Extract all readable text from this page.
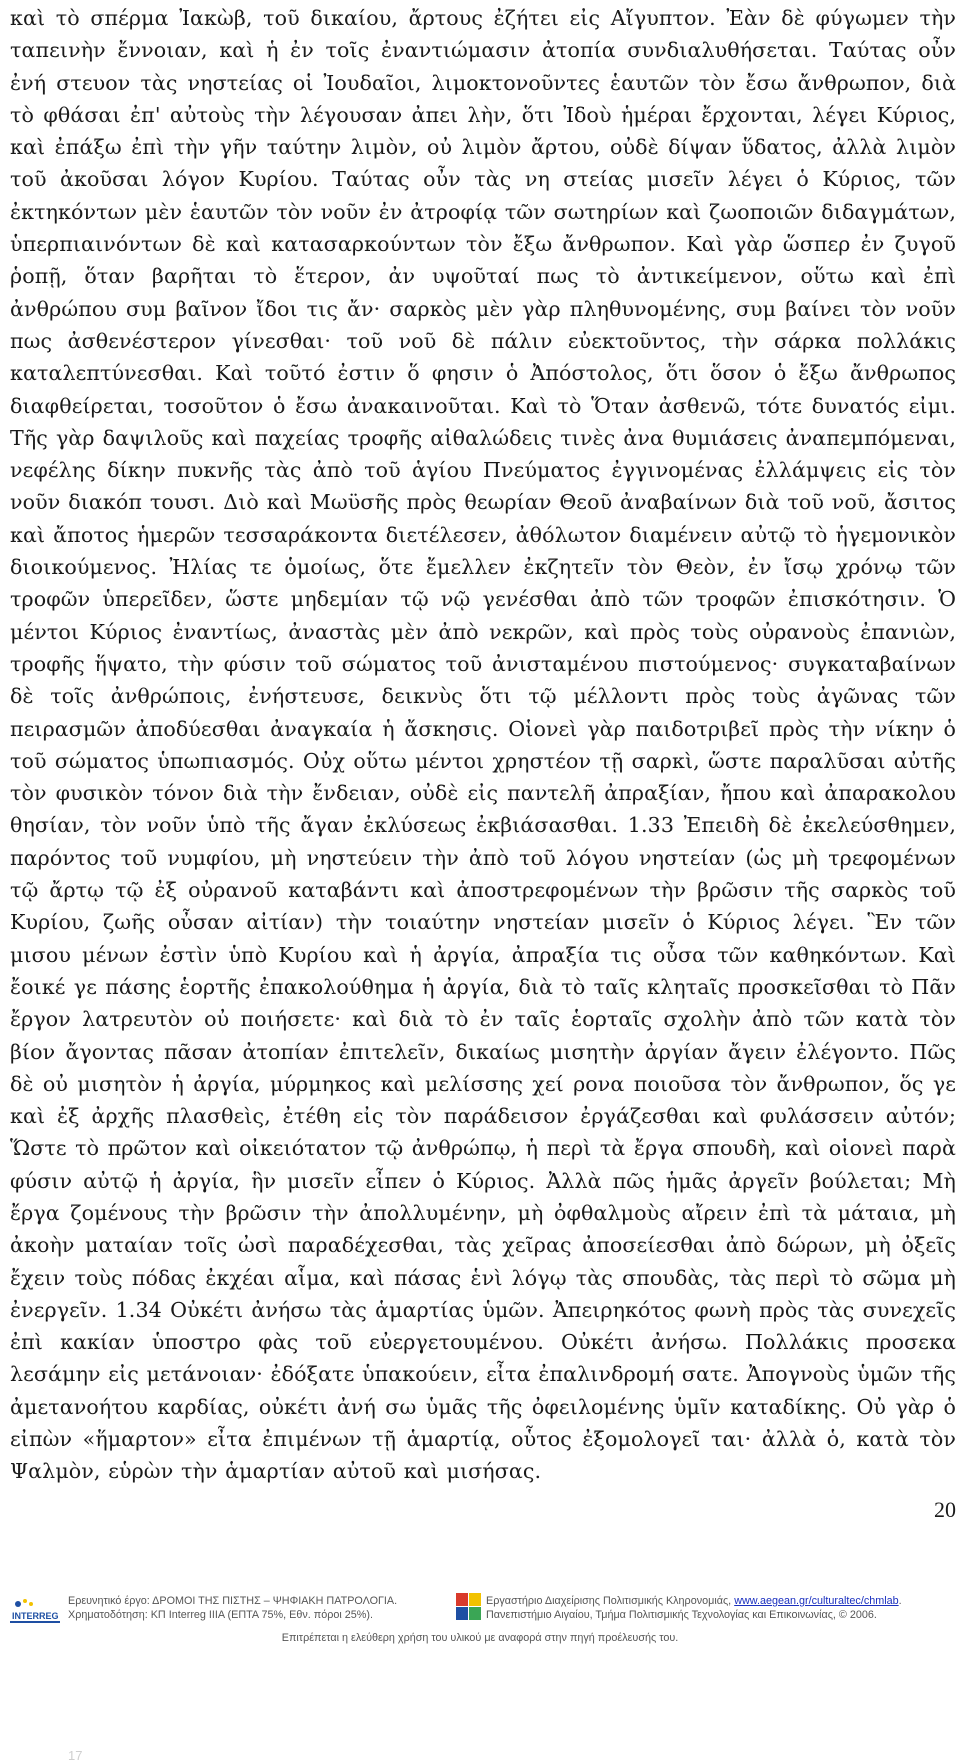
καὶ τὸ σπέρμα Ἰακὼβ, τοῦ δικαίου, ἄρτους ἐζήτει εἰς Αἴγυπτον. Ἐὰν δὲ φύγωμεν τὴν ταπεινὴν ἔννοιαν, καὶ ἡ ἐν τοῖς ἐναντιώμασιν ἀτοπία συνδιαλυθήσεται. Ταύτας οὖν ἐνή στευον τὰς νηστείας οἱ Ἰουδαῖοι, λιμοκτονοῦντες ἑαυτῶν τὸν ἔσω ἄνθρωπον, διὰ τὸ φθάσαι ἐπ' αὐτοὺς τὴν λέγουσαν ἀπει λὴν, ὅτι Ἰδοὺ ἡμέραι ἔρχονται, λέγει Κύριος, καὶ ἐπάξω ἐπὶ τὴν γῆν ταύτην λιμὸν, οὐ λιμὸν ἄρτου, οὐδὲ δίψαν ὕδατος, ἀλλὰ λιμὸν τοῦ ἀκοῦσαι λόγον Κυρίου. Ταύτας οὖν τὰς νη στείας μισεῖν λέγει ὁ Κύριος, τῶν ἐκτηκόντων μὲν ἑαυτῶν τὸν νοῦν ἐν ἀτροφίᾳ τῶν σωτηρίων καὶ ζωοποιῶν διδαγμάτων, ὑπερπιαινόντων δὲ καὶ κατασαρκούντων τὸν ἔξω ἄνθρωπον. Καὶ γὰρ ὥσπερ ἐν ζυγοῦ ῥοπῇ, ὅταν βαρῆται τὸ ἕτερον, ἀν υψοῦταί πως τὸ ἀντικείμενον, οὕτω καὶ ἐπὶ ἀνθρώπου συμ βαῖνον ἴδοι τις ἄν· σαρκὸς μὲν γὰρ πληθυνομένης, συμ βαίνει τὸν νοῦν πως ἀσθενέστερον γίνεσθαι· τοῦ νοῦ δὲ πάλιν εὐεκτοῦντος, τὴν σάρκα πολλάκις καταλεπτύνεσθαι. Καὶ τοῦτό ἐστιν ὅ φησιν ὁ Ἀπόστολος, ὅτι ὅσον ὁ ἔξω ἄνθρωπος διαφθείρεται, τοσοῦτον ὁ ἔσω ἀνακαινοῦται. Καὶ τὸ Ὅταν ἀσθενῶ, τότε δυνατός εἰμι. Τῆς γὰρ δαψιλοῦς καὶ παχείας τροφῆς αἰθαλώδεις τινὲς ἀνα θυμιάσεις ἀναπεμπόμεναι, νεφέλης δίκην πυκνῆς τὰς ἀπὸ τοῦ ἁγίου Πνεύματος ἐγγινομένας ἐλλάμψεις εἰς τὸν νοῦν διακόπ τουσι. Διὸ καὶ Μωϋσῆς πρὸς θεωρίαν Θεοῦ ἀναβαίνων διὰ τοῦ νοῦ, ἄσιτος καὶ ἄποτος ἡμερῶν τεσσαράκοντα διετέλεσεν, ἀθόλωτον διαμένειν αὐτῷ τὸ ἡγεμονικὸν διοικούμενος. Ἠλίας τε ὁμοίως, ὅτε ἔμελλεν ἐκζητεῖν τὸν Θεὸν, ἐν ἴσῳ χρόνῳ τῶν τροφῶν ὑπερεῖδεν, ὥστε μηδεμίαν τῷ νῷ γενέσθαι ἀπὸ τῶν τροφῶν ἐπισκότησιν. Ὁ μέντοι Κύριος ἐναντίως, ἀναστὰς μὲν ἀπὸ νεκρῶν, καὶ πρὸς τοὺς οὐρανοὺς ἐπανιὼν, τροφῆς ἥψατο, τὴν φύσιν τοῦ σώματος τοῦ ἀνισταμένου πιστούμενος· συγκαταβαίνων δὲ τοῖς ἀνθρώποις, ἐνήστευσε, δεικνὺς ὅτι τῷ μέλλοντι πρὸς τοὺς ἀγῶνας τῶν πειρασμῶν ἀποδύεσθαι ἀναγκαία ἡ ἄσκησις. Οἱονεὶ γὰρ παιδοτριβεῖ πρὸς τὴν νίκην ὁ τοῦ σώματος ὑπωπιασμός. Οὐχ οὕτω μέντοι χρηστέον τῇ σαρκὶ, ὥστε παραλῦσαι αὐτῆς τὸν φυσικὸν τόνον διὰ τὴν ἔνδειαν, οὐδὲ εἰς παντελῆ ἀπραξίαν, ἤπου καὶ ἀπαρακολου θησίαν, τὸν νοῦν ὑπὸ τῆς ἄγαν ἐκλύσεως ἐκβιάσασθαι. 1.33 Ἐπειδὴ δὲ ἐκελεύσθημεν, παρόντος τοῦ νυμφίου, μὴ νηστεύειν τὴν ἀπὸ τοῦ λόγου νηστείαν (ὡς μὴ τρεφομένων τῷ ἄρτῳ τῷ ἐξ οὐρανοῦ καταβάντι καὶ ἀποστρεφομένων τὴν βρῶσιν τῆς σαρκὸς τοῦ Κυρίου, ζωῆς οὖσαν αἰτίαν) τὴν τοιαύτην νηστείαν μισεῖν ὁ Κύριος λέγει. Ἓν τῶν μισου μένων ἐστὶν ὑπὸ Κυρίου καὶ ἡ ἀργία, ἀπραξία τις οὖσα τῶν καθηκόντων. Καὶ ἔοικέ γε πάσης ἑορτῆς ἐπακολούθημα ἡ ἀργία, διὰ τὸ ταῖς κλητaῖς προσκεῖσθαι τὸ Πᾶν ἔργον λατρευτὸν οὐ ποιήσετε· καὶ διὰ τὸ ἐν ταῖς ἑορταῖς σχολὴν ἀπὸ τῶν κατὰ τὸν βίον ἄγοντας πᾶσαν ἀτοπίαν ἐπιτελεῖν, δικαίως μισητὴν ἀργίαν ἄγειν ἐλέγοντο. Πῶς δὲ οὐ μισητὸν ἡ ἀργία, μύρμηκος καὶ μελίσσης χεί ρονα ποιοῦσα τὸν ἄνθρωπον, ὅς γε καὶ ἐξ ἀρχῆς πλασθεὶς, ἐτέθη εἰς τὸν παράδεισον ἐργάζεσθαι καὶ φυλάσσειν αὐτόν; Ὥστε τὸ πρῶτον καὶ οἰκειότατον τῷ ἀνθρώπῳ, ἡ περὶ τὰ ἔργα σπουδὴ, καὶ οἱονεὶ παρὰ φύσιν αὐτῷ ἡ ἀργία, ἣν μισεῖν εἶπεν ὁ Κύριος. Ἀλλὰ πῶς ἡμᾶς ἀργεῖν βούλεται; Μὴ ἔργα ζομένους τὴν βρῶσιν τὴν ἀπολλυμένην, μὴ ὀφθαλμοὺς αἴρειν ἐπὶ τὰ μάταια, μὴ ἀκοὴν ματαίαν τοῖς ὠσὶ παραδέχεσθαι, τὰς χεῖρας ἀποσείεσθαι ἀπὸ δώρων, μὴ ὀξεῖς ἔχειν τοὺς πόδας ἐκχέαι αἷμα, καὶ πάσας ἑνὶ λόγῳ τὰς σπουδὰς, τὰς περὶ τὸ σῶμα μὴ ἐνεργεῖν. 1.34 Οὐκέτι ἀνήσω τὰς ἁμαρτίας ὑμῶν. Ἀπειρηκότος φωνὴ πρὸς τὰς συνεχεῖς ἐπὶ κακίαν ὑποστρο φὰς τοῦ εὐεργετουμένου. Οὐκέτι ἀνήσω. Πολλάκις προσεκα λεσάμην εἰς μετάνοιαν· ἐδόξατε ὑπακούειν, εἶτα ἐπαλινδρομή σατε. Ἀπογνοὺς ὑμῶν τῆς ἀμετανοήτου καρδίας, οὐκέτι ἀνή σω ὑμᾶς τῆς ὀφειλομένης ὑμῖν καταδίκης. Οὐ γὰρ ὁ εἰπὼν «ἥμαρτον» εἶτα ἐπιμένων τῇ ἁμαρτίᾳ, οὗτος ἐξομολογεῖ ται· ἀλλὰ ὁ, κατὰ τὸν Ψαλμὸν, εὑρὼν τὴν ἁμαρτίαν αὐτοῦ καὶ μισήσας.
20
INTERREG
Ερευνητικό έργο: ΔΡΟΜΟΙ ΤΗΣ ΠΙΣΤΗΣ – ΨΗΦΙΑΚΗ ΠΑΤΡΟΛΟΓΙΑ.
Χρηματοδότηση: ΚΠ Interreg IIIA (ΕΠΤΑ 75%, Εθν. πόροι 25%).
Εργαστήριο Διαχείρισης Πολιτισμικής Κληρονομιάς, www.aegean.gr/culturaltec/chmlab.
Πανεπιστήμιο Αιγαίου, Τμήμα Πολιτισμικής Τεχνολογίας και Επικοινωνίας, © 2006.
Επιτρέπεται η ελεύθερη χρήση του υλικού με αναφορά στην πηγή προέλευσής του.
17
